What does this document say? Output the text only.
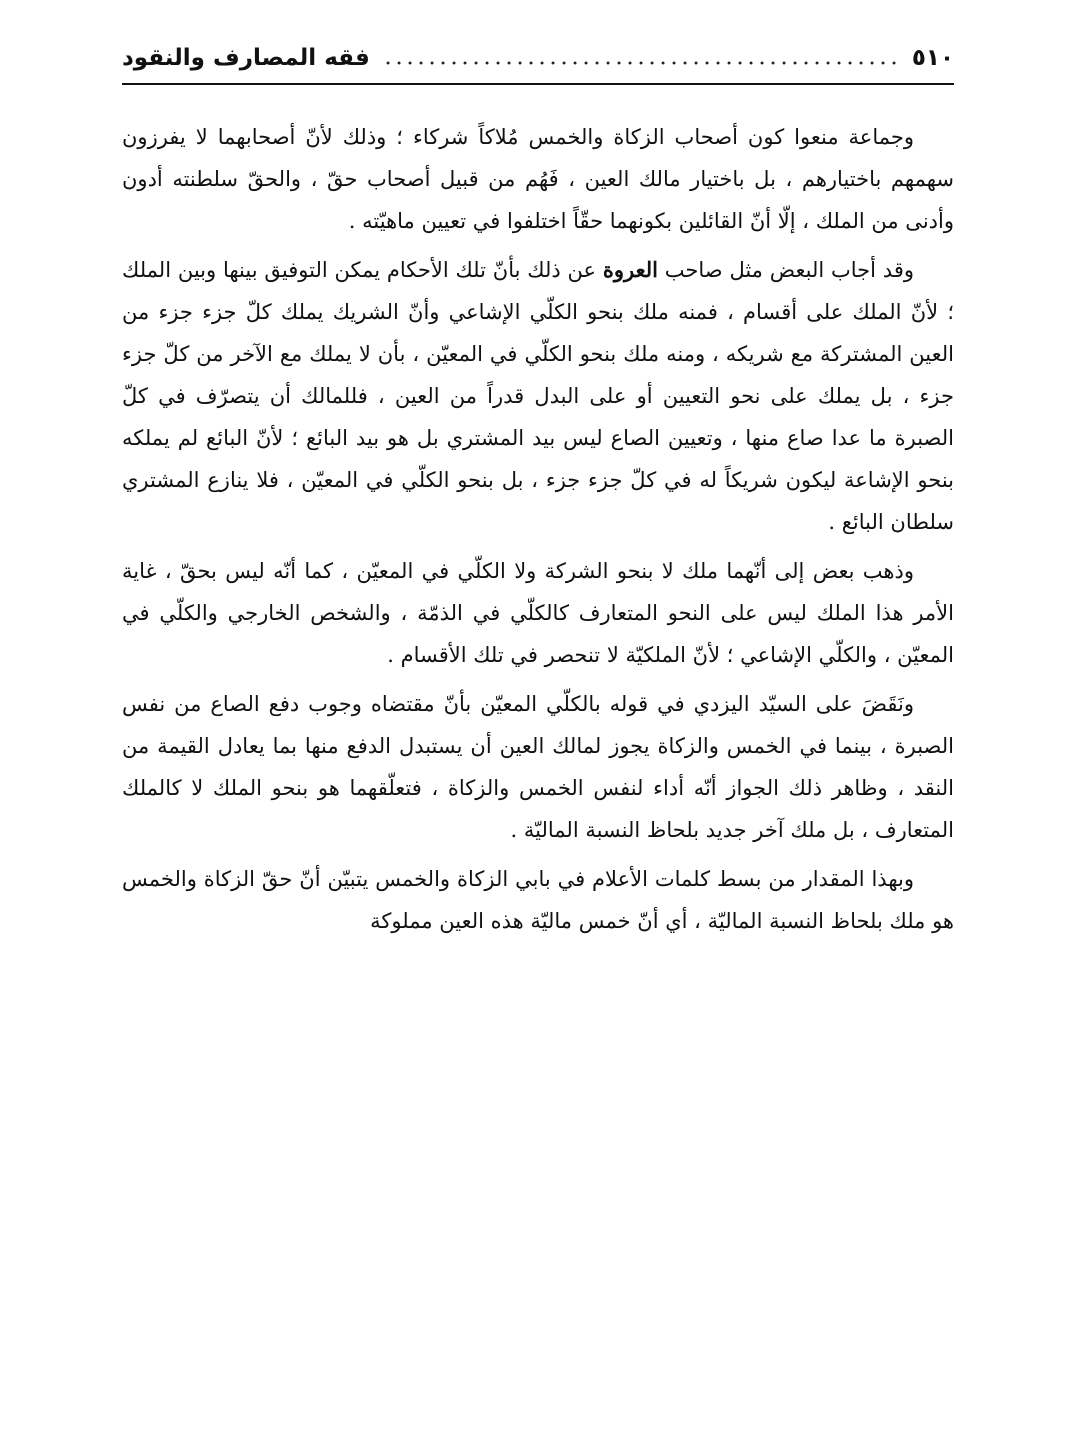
٥١٠
فقه المصارف والنقود

وجماعة منعوا كون أصحاب الزكاة والخمس مُلاكاً شركاء ؛ وذلك لأنّ أصحابهما لا يفرزون سهمهم باختيارهم ، بل باختيار مالك العين ، فَهُم من قبيل أصحاب حقّ ، والحقّ سلطنته أدون وأدنى من الملك ، إلّا أنّ القائلين بكونهما حقّاً اختلفوا في تعيين ماهيّته .

وقد أجاب البعض مثل صاحب العروة عن ذلك بأنّ تلك الأحكام يمكن التوفيق بينها وبين الملك ؛ لأنّ الملك على أقسام ، فمنه ملك بنحو الكلّي الإشاعي وأنّ الشريك يملك كلّ جزء جزء من العين المشتركة مع شريكه ، ومنه ملك بنحو الكلّي في المعيّن ، بأن لا يملك مع الآخر من كلّ جزء جزء ، بل يملك على نحو التعيين أو على البدل قدراً من العين ، فللمالك أن يتصرّف في كلّ الصبرة ما عدا صاع منها ، وتعيين الصاع ليس بيد المشتري بل هو بيد البائع ؛ لأنّ البائع لم يملكه بنحو الإشاعة ليكون شريكاً له في كلّ جزء جزء ، بل بنحو الكلّي في المعيّن ، فلا ينازع المشتري سلطان البائع .

وذهب بعض إلى أنّهما ملك لا بنحو الشركة ولا الكلّي في المعيّن ، كما أنّه ليس بحقّ ، غاية الأمر هذا الملك ليس على النحو المتعارف كالكلّي في الذمّة ، والشخص الخارجي والكلّي في المعيّن ، والكلّي الإشاعي ؛ لأنّ الملكيّة لا تنحصر في تلك الأقسام .

ونَقَضَ على السيّد اليزدي في قوله بالكلّي المعيّن بأنّ مقتضاه وجوب دفع الصاع من نفس الصبرة ، بينما في الخمس والزكاة يجوز لمالك العين أن يستبدل الدفع منها بما يعادل القيمة من النقد ، وظاهر ذلك الجواز أنّه أداء لنفس الخمس والزكاة ، فتعلّقهما هو بنحو الملك لا كالملك المتعارف ، بل ملك آخر جديد بلحاظ النسبة الماليّة .

وبهذا المقدار من بسط كلمات الأعلام في بابي الزكاة والخمس يتبيّن أنّ حقّ الزكاة والخمس هو ملك بلحاظ النسبة الماليّة ، أي أنّ خمس ماليّة هذه العين مملوكة
